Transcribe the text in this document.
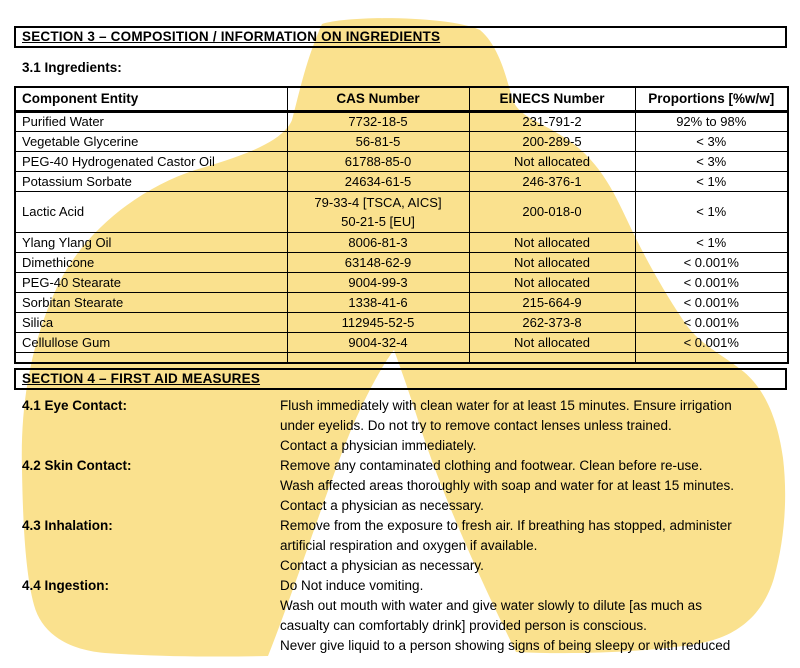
SECTION 3 – COMPOSITION / INFORMATION ON INGREDIENTS
3.1 Ingredients:
Component Entity	CAS Number	EINECS Number	Proportions [%w/w]
Purified Water	7732-18-5	231-791-2	92% to 98%
Vegetable Glycerine	56-81-5	200-289-5	< 3%
PEG-40 Hydrogenated Castor Oil	61788-85-0	Not allocated	< 3%
Potassium Sorbate	24634-61-5	246-376-1	< 1%
Lactic Acid	79-33-4 [TSCA, AICS]
50-21-5 [EU]	200-018-0	< 1%
Ylang Ylang Oil	8006-81-3	Not allocated	< 1%
Dimethicone	63148-62-9	Not allocated	< 0.001%
PEG-40 Stearate	9004-99-3	Not allocated	< 0.001%
Sorbitan Stearate	1338-41-6	215-664-9	< 0.001%
Silica	112945-52-5	262-373-8	< 0.001%
Cellullose Gum	9004-32-4	Not allocated	< 0.001%

SECTION 4 – FIRST AID MEASURES
4.1 Eye Contact:	Flush immediately with clean water for at least 15 minutes. Ensure irrigation
under eyelids. Do not try to remove contact lenses unless trained.
Contact a physician immediately.
4.2 Skin Contact:	Remove any contaminated clothing and footwear. Clean before re-use.
Wash affected areas thoroughly with soap and water for at least 15 minutes.
Contact a physician as necessary.
4.3 Inhalation:	Remove from the exposure to fresh air. If breathing has stopped, administer
artificial respiration and oxygen if available.
Contact a physician as necessary.
4.4 Ingestion:	Do Not induce vomiting.
Wash out mouth with water and give water slowly to dilute [as much as
casualty can comfortably drink] provided person is conscious.
Never give liquid to a person showing signs of being sleepy or with reduced
